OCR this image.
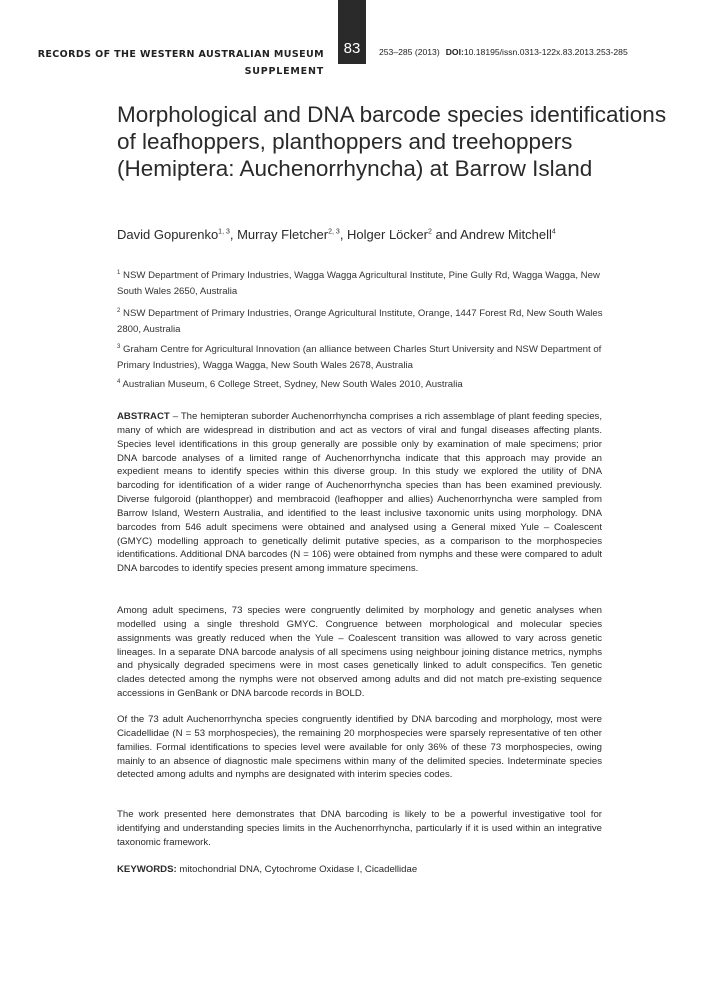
RECORDS OF THE WESTERN AUSTRALIAN MUSEUM
SUPPLEMENT
83	253–285 (2013) DOI:10.18195/issn.0313-122x.83.2013.253-285
Morphological and DNA barcode species identifications of leafhoppers, planthoppers and treehoppers (Hemiptera: Auchenorrhyncha) at Barrow Island
David Gopurenko$^{1, 3}$, Murray Fletcher$^{2, 3}$, Holger Löcker$^2$ and Andrew Mitchell$^4$
$^1$ NSW Department of Primary Industries, Wagga Wagga Agricultural Institute, Pine Gully Rd, Wagga Wagga, New South Wales 2650, Australia
$^2$ NSW Department of Primary Industries, Orange Agricultural Institute, Orange, 1447 Forest Rd, New South Wales 2800, Australia
$^3$ Graham Centre for Agricultural Innovation (an alliance between Charles Sturt University and NSW Department of Primary Industries), Wagga Wagga, New South Wales 2678, Australia
$^4$ Australian Museum, 6 College Street, Sydney, New South Wales 2010, Australia

ABSTRACT – The hemipteran suborder Auchenorrhyncha comprises a rich assemblage of plant feeding species, many of which are widespread in distribution and act as vectors of viral and fungal diseases affecting plants. Species level identifications in this group generally are possible only by examination of male specimens; prior DNA barcode analyses of a limited range of Auchenorrhyncha indicate that this approach may provide an expedient means to identify species within this diverse group. In this study we explored the utility of DNA barcoding for identification of a wider range of Auchenorrhyncha species than has been examined previously. Diverse fulgoroid (planthopper) and membracoid (leafhopper and allies) Auchenorrhyncha were sampled from Barrow Island, Western Australia, and identified to the least inclusive taxonomic units using morphology. DNA barcodes from 546 adult specimens were obtained and analysed using a General mixed Yule – Coalescent (GMYC) modelling approach to genetically delimit putative species, as a comparison to the morphospecies identifications. Additional DNA barcodes (N = 106) were obtained from nymphs and these were compared to adult DNA barcodes to identify species present among immature specimens.

Among adult specimens, 73 species were congruently delimited by morphology and genetic analyses when modelled using a single threshold GMYC. Congruence between morphological and molecular species assignments was greatly reduced when the Yule – Coalescent transition was allowed to vary across genetic lineages. In a separate DNA barcode analysis of all specimens using neighbour joining distance metrics, nymphs and physically degraded specimens were in most cases genetically linked to adult conspecifics. Ten genetic clades detected among the nymphs were not observed among adults and did not match pre-existing sequence accessions in GenBank or DNA barcode records in BOLD.

Of the 73 adult Auchenorrhyncha species congruently identified by DNA barcoding and morphology, most were Cicadellidae (N = 53 morphospecies), the remaining 20 morphospecies were sparsely representative of ten other families. Formal identifications to species level were available for only 36% of these 73 morphospecies, owing mainly to an absence of diagnostic male specimens within many of the delimited species. Indeterminate species detected among adults and nymphs are designated with interim species codes.

The work presented here demonstrates that DNA barcoding is likely to be a powerful investigative tool for identifying and understanding species limits in the Auchenorrhyncha, particularly if it is used within an integrative taxonomic framework.

KEYWORDS: mitochondrial DNA, Cytochrome Oxidase I, Cicadellidae
